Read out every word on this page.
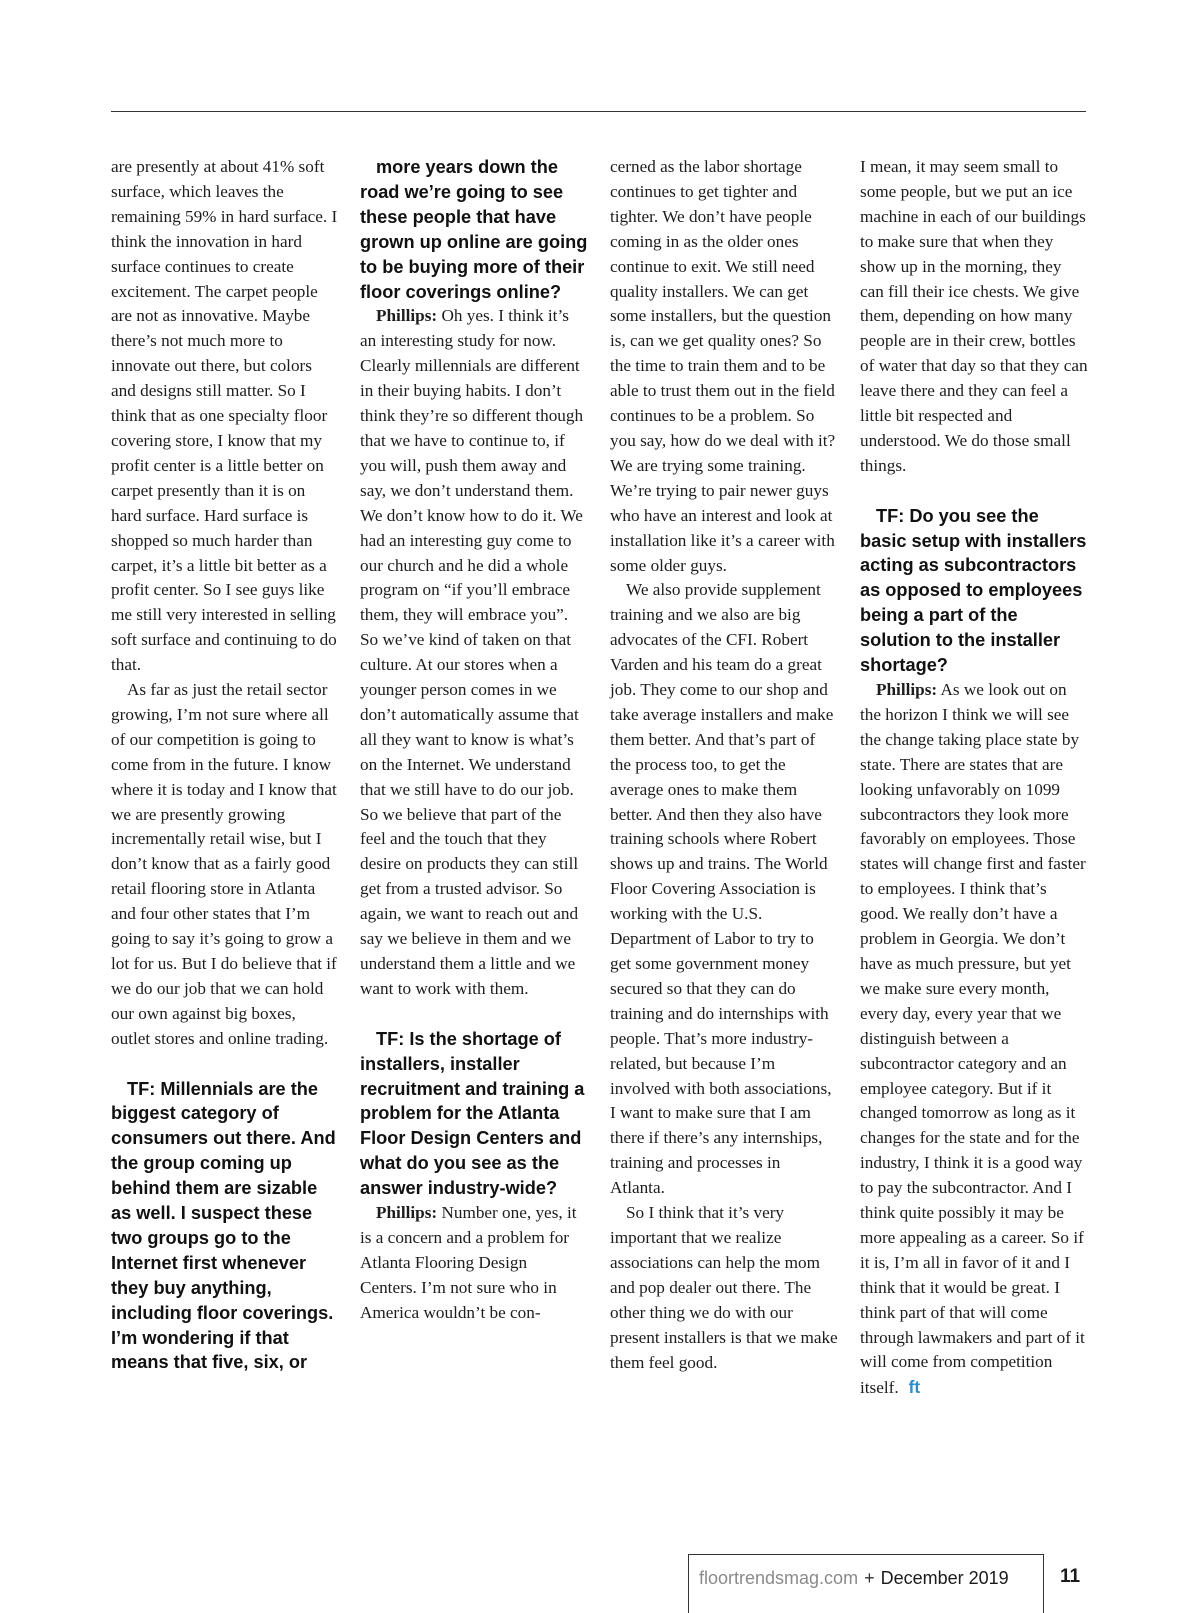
are presently at about 41% soft surface, which leaves the remaining 59% in hard surface. I think the innovation in hard surface continues to create excitement. The carpet people are not as innovative. Maybe there’s not much more to innovate out there, but colors and designs still matter. So I think that as one specialty floor covering store, I know that my profit center is a little better on carpet presently than it is on hard surface. Hard surface is shopped so much harder than carpet, it’s a little bit better as a profit center. So I see guys like me still very interested in selling soft surface and continuing to do that.

As far as just the retail sector growing, I’m not sure where all of our competition is going to come from in the future. I know where it is today and I know that we are presently growing incrementally retail wise, but I don’t know that as a fairly good retail flooring store in Atlanta and four other states that I’m going to say it’s going to grow a lot for us. But I do believe that if we do our job that we can hold our own against big boxes, outlet stores and online trading.

TF: Millennials are the biggest category of consumers out there. And the group coming up behind them are sizable as well. I suspect these two groups go to the Internet first whenever they buy anything, including floor coverings. I’m wondering if that means that five, six, or

more years down the road we’re going to see these people that have grown up online are going to be buying more of their floor coverings online?

Phillips: Oh yes. I think it’s an interesting study for now. Clearly millennials are different in their buying habits. I don’t think they’re so different though that we have to continue to, if you will, push them away and say, we don’t understand them. We don’t know how to do it. We had an interesting guy come to our church and he did a whole program on “if you’ll embrace them, they will embrace you”. So we’ve kind of taken on that culture. At our stores when a younger person comes in we don’t automatically assume that all they want to know is what’s on the Internet. We understand that we still have to do our job. So we believe that part of the feel and the touch that they desire on products they can still get from a trusted advisor. So again, we want to reach out and say we believe in them and we understand them a little and we want to work with them.

TF: Is the shortage of installers, installer recruitment and training a problem for the Atlanta Floor Design Centers and what do you see as the answer industry-wide?

Phillips: Number one, yes, it is a concern and a problem for Atlanta Flooring Design Centers. I’m not sure who in America wouldn’t be con-

cerned as the labor shortage continues to get tighter and tighter. We don’t have people coming in as the older ones continue to exit. We still need quality installers. We can get some installers, but the question is, can we get quality ones? So the time to train them and to be able to trust them out in the field continues to be a problem. So you say, how do we deal with it? We are trying some training. We’re trying to pair newer guys who have an interest and look at installation like it’s a career with some older guys.

We also provide supplement training and we also are big advocates of the CFI. Robert Varden and his team do a great job. They come to our shop and take average installers and make them better. And that’s part of the process too, to get the average ones to make them better. And then they also have training schools where Robert shows up and trains. The World Floor Covering Association is working with the U.S. Department of Labor to try to get some government money secured so that they can do training and do internships with people. That’s more industry-related, but because I’m involved with both associations, I want to make sure that I am there if there’s any internships, training and processes in Atlanta.

So I think that it’s very important that we realize associations can help the mom and pop dealer out there. The other thing we do with our present installers is that we make them feel good.

I mean, it may seem small to some people, but we put an ice machine in each of our buildings to make sure that when they show up in the morning, they can fill their ice chests. We give them, depending on how many people are in their crew, bottles of water that day so that they can leave there and they can feel a little bit respected and understood. We do those small things.

TF: Do you see the basic setup with installers acting as subcontractors as opposed to employees being a part of the solution to the installer shortage?

Phillips: As we look out on the horizon I think we will see the change taking place state by state. There are states that are looking unfavorably on 1099 subcontractors they look more favorably on employees. Those states will change first and faster to employees. I think that’s good. We really don’t have a problem in Georgia. We don’t have as much pressure, but yet we make sure every month, every day, every year that we distinguish between a subcontractor category and an employee category. But if it changed tomorrow as long as it changes for the state and for the industry, I think it is a good way to pay the subcontractor. And I think quite possibly it may be more appealing as a career. So if it is, I’m all in favor of it and I think that it would be great. I think part of that will come through lawmakers and part of it will come from competition itself. ft

floortrendsmag.com + December 2019	11
